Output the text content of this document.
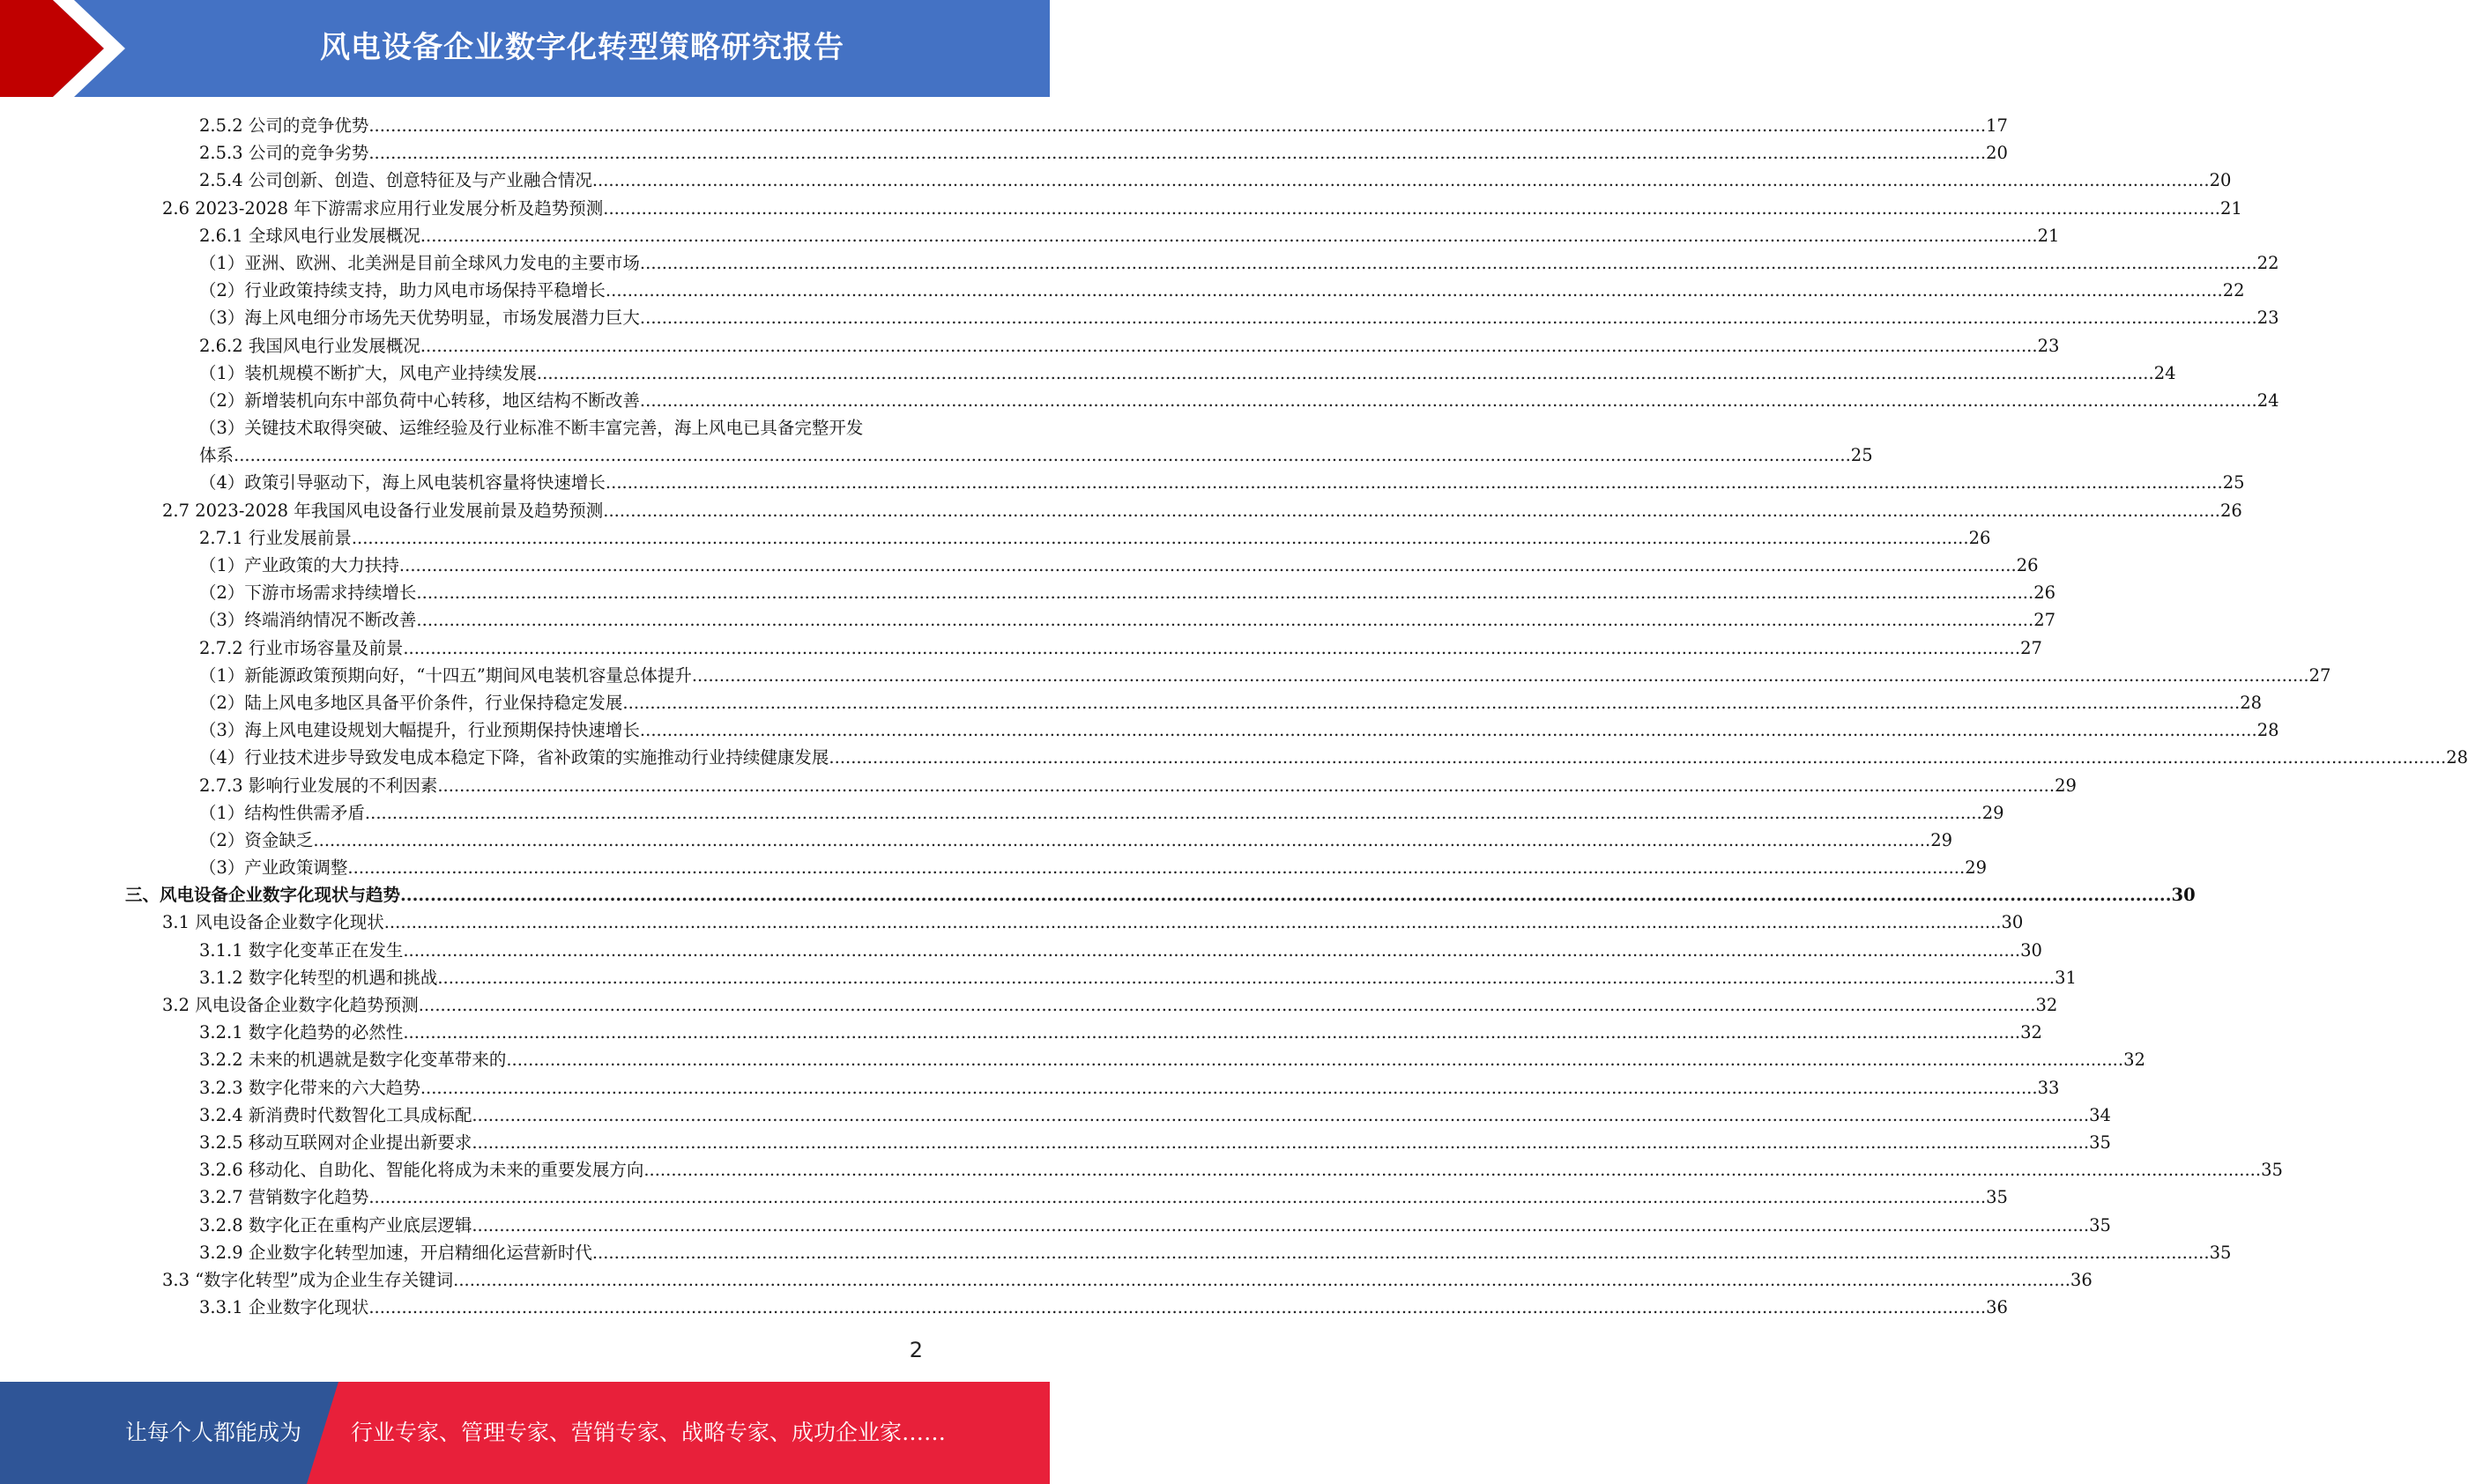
风电设备企业数字化转型策略研究报告
2.5.2 公司的竞争优势 .....	17
2.5.3 公司的竞争劣势 .....	20
2.5.4 公司创新、创造、创意特征及与产业融合情况 .....	20
2.6 2023-2028 年下游需求应用行业发展分析及趋势预测 .....	21
2.6.1 全球风电行业发展概况 .....	21
（1）亚洲、欧洲、北美洲是目前全球风力发电的主要市场 .....	22
（2）行业政策持续支持，助力风电市场保持平稳增长 .....	22
（3）海上风电细分市场先天优势明显，市场发展潜力巨大 .....	23
2.6.2 我国风电行业发展概况 .....	23
（1）装机规模不断扩大，风电产业持续发展 .....	24
（2）新增装机向东中部负荷中心转移，地区结构不断改善 .....	24
（3）关键技术取得突破、运维经验及行业标准不断丰富完善，海上风电已具备完整开发
体系 .....	25
（4）政策引导驱动下，海上风电装机容量将快速增长 .....	25
2.7 2023-2028 年我国风电设备行业发展前景及趋势预测 .....	26
2.7.1 行业发展前景 .....	26
（1）产业政策的大力扶持 .....	26
（2）下游市场需求持续增长 .....	26
（3）终端消纳情况不断改善 .....	27
2.7.2 行业市场容量及前景 .....	27
（1）新能源政策预期向好，“十四五”期间风电装机容量总体提升 .....	27
（2）陆上风电多地区具备平价条件，行业保持稳定发展 .....	28
（3）海上风电建设规划大幅提升，行业预期保持快速增长 .....	28
（4）行业技术进步导致发电成本稳定下降，省补政策的实施推动行业持续健康发展 .....	28
2.7.3 影响行业发展的不利因素 .....	29
（1）结构性供需矛盾 .....	29
（2）资金缺乏 .....	29
（3）产业政策调整 .....	29
三、风电设备企业数字化现状与趋势 .....	30
3.1 风电设备企业数字化现状 .....	30
3.1.1 数字化变革正在发生 .....	30
3.1.2 数字化转型的机遇和挑战 .....	31
3.2 风电设备企业数字化趋势预测 .....	32
3.2.1 数字化趋势的必然性 .....	32
3.2.2 未来的机遇就是数字化变革带来的 .....	32
3.2.3 数字化带来的六大趋势 .....	33
3.2.4 新消费时代数智化工具成标配 .....	34
3.2.5 移动互联网对企业提出新要求 .....	35
3.2.6 移动化、自助化、智能化将成为未来的重要发展方向 .....	35
3.2.7 营销数字化趋势 .....	35
3.2.8 数字化正在重构产业底层逻辑 .....	35
3.2.9 企业数字化转型加速，开启精细化运营新时代 .....	35
3.3 “数字化转型”成为企业生存关键词 .....	36
3.3.1 企业数字化现状 .....	36
2
让每个人都能成为 行业专家、管理专家、营销专家、战略专家、成功企业家……
